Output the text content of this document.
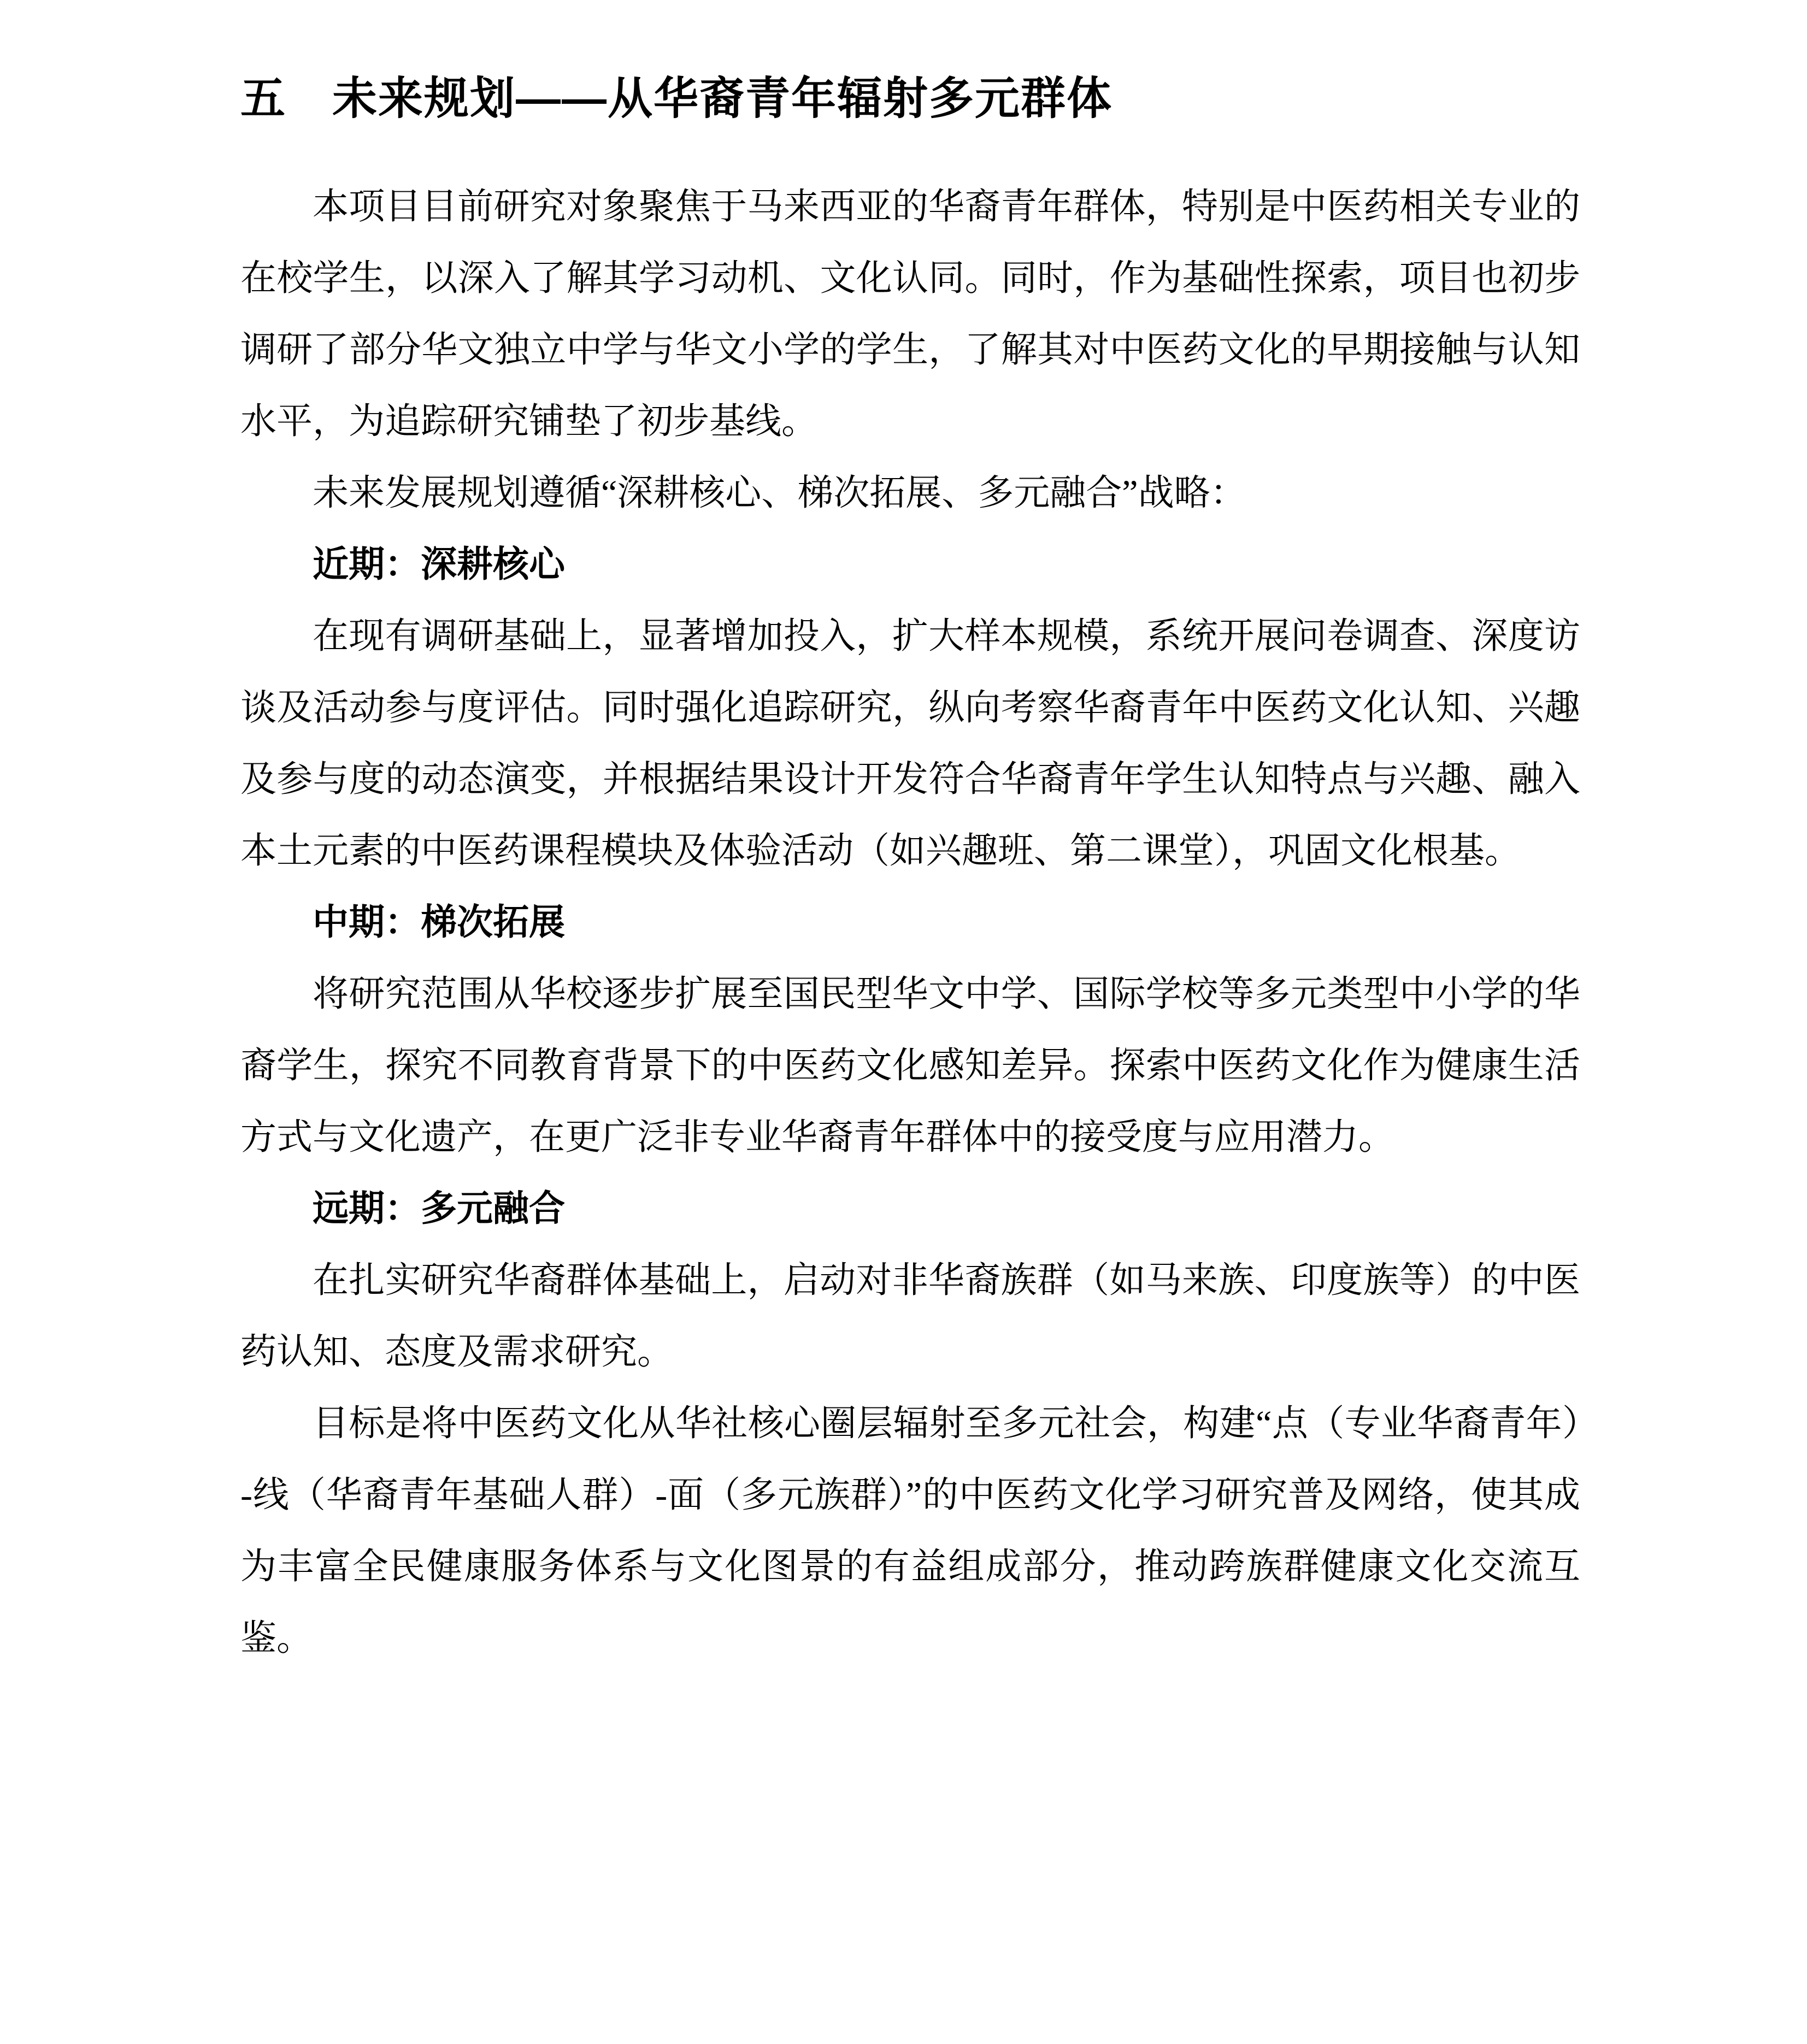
五　未来规划——从华裔青年辐射多元群体

本项目目前研究对象聚焦于马来西亚的华裔青年群体，特别是中医药相关专业的在校学生，以深入了解其学习动机、文化认同。同时，作为基础性探索，项目也初步调研了部分华文独立中学与华文小学的学生，了解其对中医药文化的早期接触与认知水平，为追踪研究铺垫了初步基线。

未来发展规划遵循“深耕核心、梯次拓展、多元融合”战略：

近期：深耕核心

在现有调研基础上，显著增加投入，扩大样本规模，系统开展问卷调查、深度访谈及活动参与度评估。同时强化追踪研究，纵向考察华裔青年中医药文化认知、兴趣及参与度的动态演变，并根据结果设计开发符合华裔青年学生认知特点与兴趣、融入本土元素的中医药课程模块及体验活动（如兴趣班、第二课堂），巩固文化根基。

中期：梯次拓展

将研究范围从华校逐步扩展至国民型华文中学、国际学校等多元类型中小学的华裔学生，探究不同教育背景下的中医药文化感知差异。探索中医药文化作为健康生活方式与文化遗产，在更广泛非专业华裔青年群体中的接受度与应用潜力。

远期：多元融合

在扎实研究华裔群体基础上，启动对非华裔族群（如马来族、印度族等）的中医药认知、态度及需求研究。

目标是将中医药文化从华社核心圈层辐射至多元社会，构建“点（专业华裔青年）-线（华裔青年基础人群）-面（多元族群）”的中医药文化学习研究普及网络，使其成为丰富全民健康服务体系与文化图景的有益组成部分，推动跨族群健康文化交流互鉴。
